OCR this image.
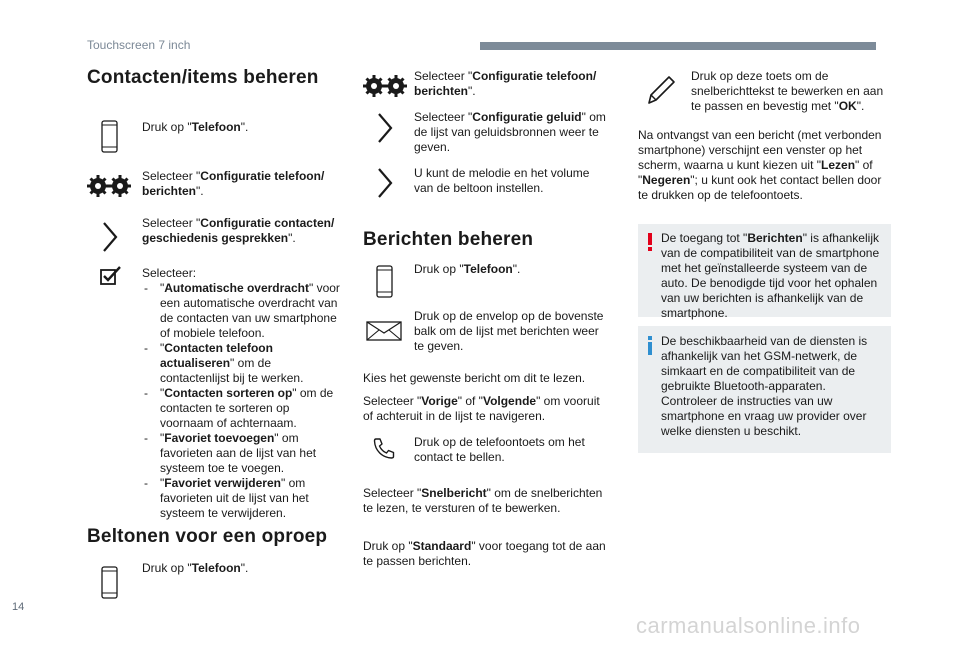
Touchscreen 7 inch
Contacten/items beheren
Druk op "Telefoon".
Selecteer "Configuratie telefoon/ berichten".
Selecteer "Configuratie contacten/ geschiedenis gesprekken".
Selecteer:
- "Automatische overdracht" voor een automatische overdracht van de contacten van uw smartphone of mobiele telefoon.
- "Contacten telefoon actualiseren" om de contactenlijst bij te werken.
- "Contacten sorteren op" om de contacten te sorteren op voornaam of achternaam.
- "Favoriet toevoegen" om favorieten aan de lijst van het systeem toe te voegen.
- "Favoriet verwijderen" om favorieten uit de lijst van het systeem te verwijderen.
Beltonen voor een oproep
Druk op "Telefoon".
Selecteer "Configuratie telefoon/ berichten".
Selecteer "Configuratie geluid" om de lijst van geluidsbronnen weer te geven.
U kunt de melodie en het volume van de beltoon instellen.
Berichten beheren
Druk op "Telefoon".
Druk op de envelop op de bovenste balk om de lijst met berichten weer te geven.
Kies het gewenste bericht om dit te lezen.
Selecteer "Vorige" of "Volgende" om vooruit of achteruit in de lijst te navigeren.
Druk op de telefoontoets om het contact te bellen.
Selecteer "Snelbericht" om de snelberichten te lezen, te versturen of te bewerken.
Druk op "Standaard" voor toegang tot de aan te passen berichten.
Druk op deze toets om de snelberichttekst te bewerken en aan te passen en bevestig met "OK".
Na ontvangst van een bericht (met verbonden smartphone) verschijnt een venster op het scherm, waarna u kunt kiezen uit "Lezen" of "Negeren"; u kunt ook het contact bellen door te drukken op de telefoontoets.
De toegang tot "Berichten" is afhankelijk van de compatibiliteit van de smartphone met het geïnstalleerde systeem van de auto. De benodigde tijd voor het ophalen van uw berichten is afhankelijk van de smartphone.
De beschikbaarheid van de diensten is afhankelijk van het GSM-netwerk, de simkaart en de compatibiliteit van de gebruikte Bluetooth-apparaten. Controleer de instructies van uw smartphone en vraag uw provider over welke diensten u beschikt.
14
carmanualsonline.info
